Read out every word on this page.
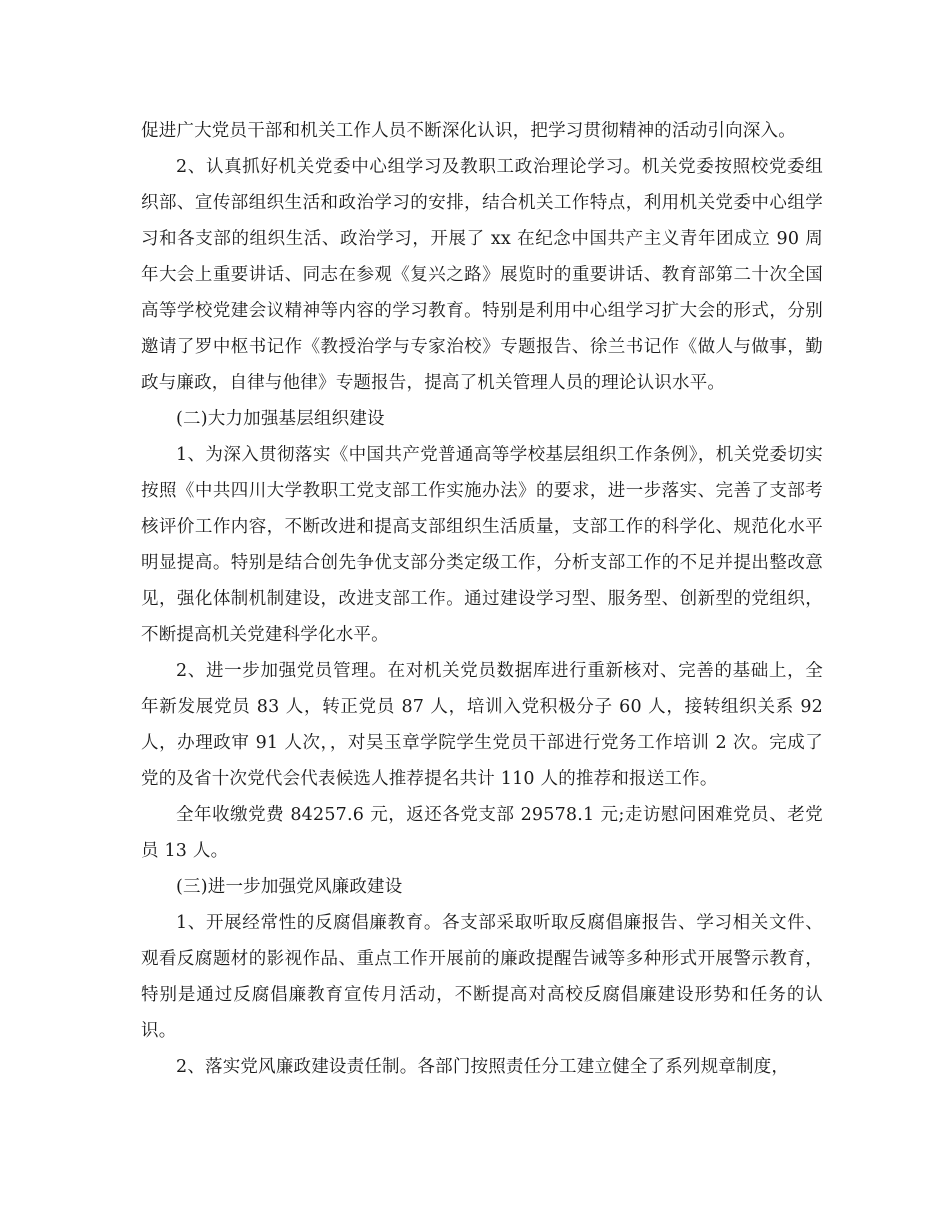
促进广大党员干部和机关工作人员不断深化认识，把学习贯彻精神的活动引向深入。

2、认真抓好机关党委中心组学习及教职工政治理论学习。机关党委按照校党委组织部、宣传部组织生活和政治学习的安排，结合机关工作特点，利用机关党委中心组学习和各支部的组织生活、政治学习，开展了 xx 在纪念中国共产主义青年团成立 90 周年大会上重要讲话、同志在参观《复兴之路》展览时的重要讲话、教育部第二十次全国高等学校党建会议精神等内容的学习教育。特别是利用中心组学习扩大会的形式，分别邀请了罗中枢书记作《教授治学与专家治校》专题报告、徐兰书记作《做人与做事，勤政与廉政，自律与他律》专题报告，提高了机关管理人员的理论认识水平。

(二)大力加强基层组织建设

1、为深入贯彻落实《中国共产党普通高等学校基层组织工作条例》，机关党委切实按照《中共四川大学教职工党支部工作实施办法》的要求，进一步落实、完善了支部考核评价工作内容，不断改进和提高支部组织生活质量，支部工作的科学化、规范化水平明显提高。特别是结合创先争优支部分类定级工作，分析支部工作的不足并提出整改意见，强化体制机制建设，改进支部工作。通过建设学习型、服务型、创新型的党组织，不断提高机关党建科学化水平。

2、进一步加强党员管理。在对机关党员数据库进行重新核对、完善的基础上，全年新发展党员 83 人，转正党员 87 人，培训入党积极分子 60 人，接转组织关系 92 人，办理政审 91 人次，，对吴玉章学院学生党员干部进行党务工作培训 2 次。完成了党的及省十次党代会代表候选人推荐提名共计 110 人的推荐和报送工作。

全年收缴党费 84257.6 元，返还各党支部 29578.1 元;走访慰问困难党员、老党员 13 人。

(三)进一步加强党风廉政建设

1、开展经常性的反腐倡廉教育。各支部采取听取反腐倡廉报告、学习相关文件、观看反腐题材的影视作品、重点工作开展前的廉政提醒告诫等多种形式开展警示教育，特别是通过反腐倡廉教育宣传月活动，不断提高对高校反腐倡廉建设形势和任务的认识。

2、落实党风廉政建设责任制。各部门按照责任分工建立健全了系列规章制度，
